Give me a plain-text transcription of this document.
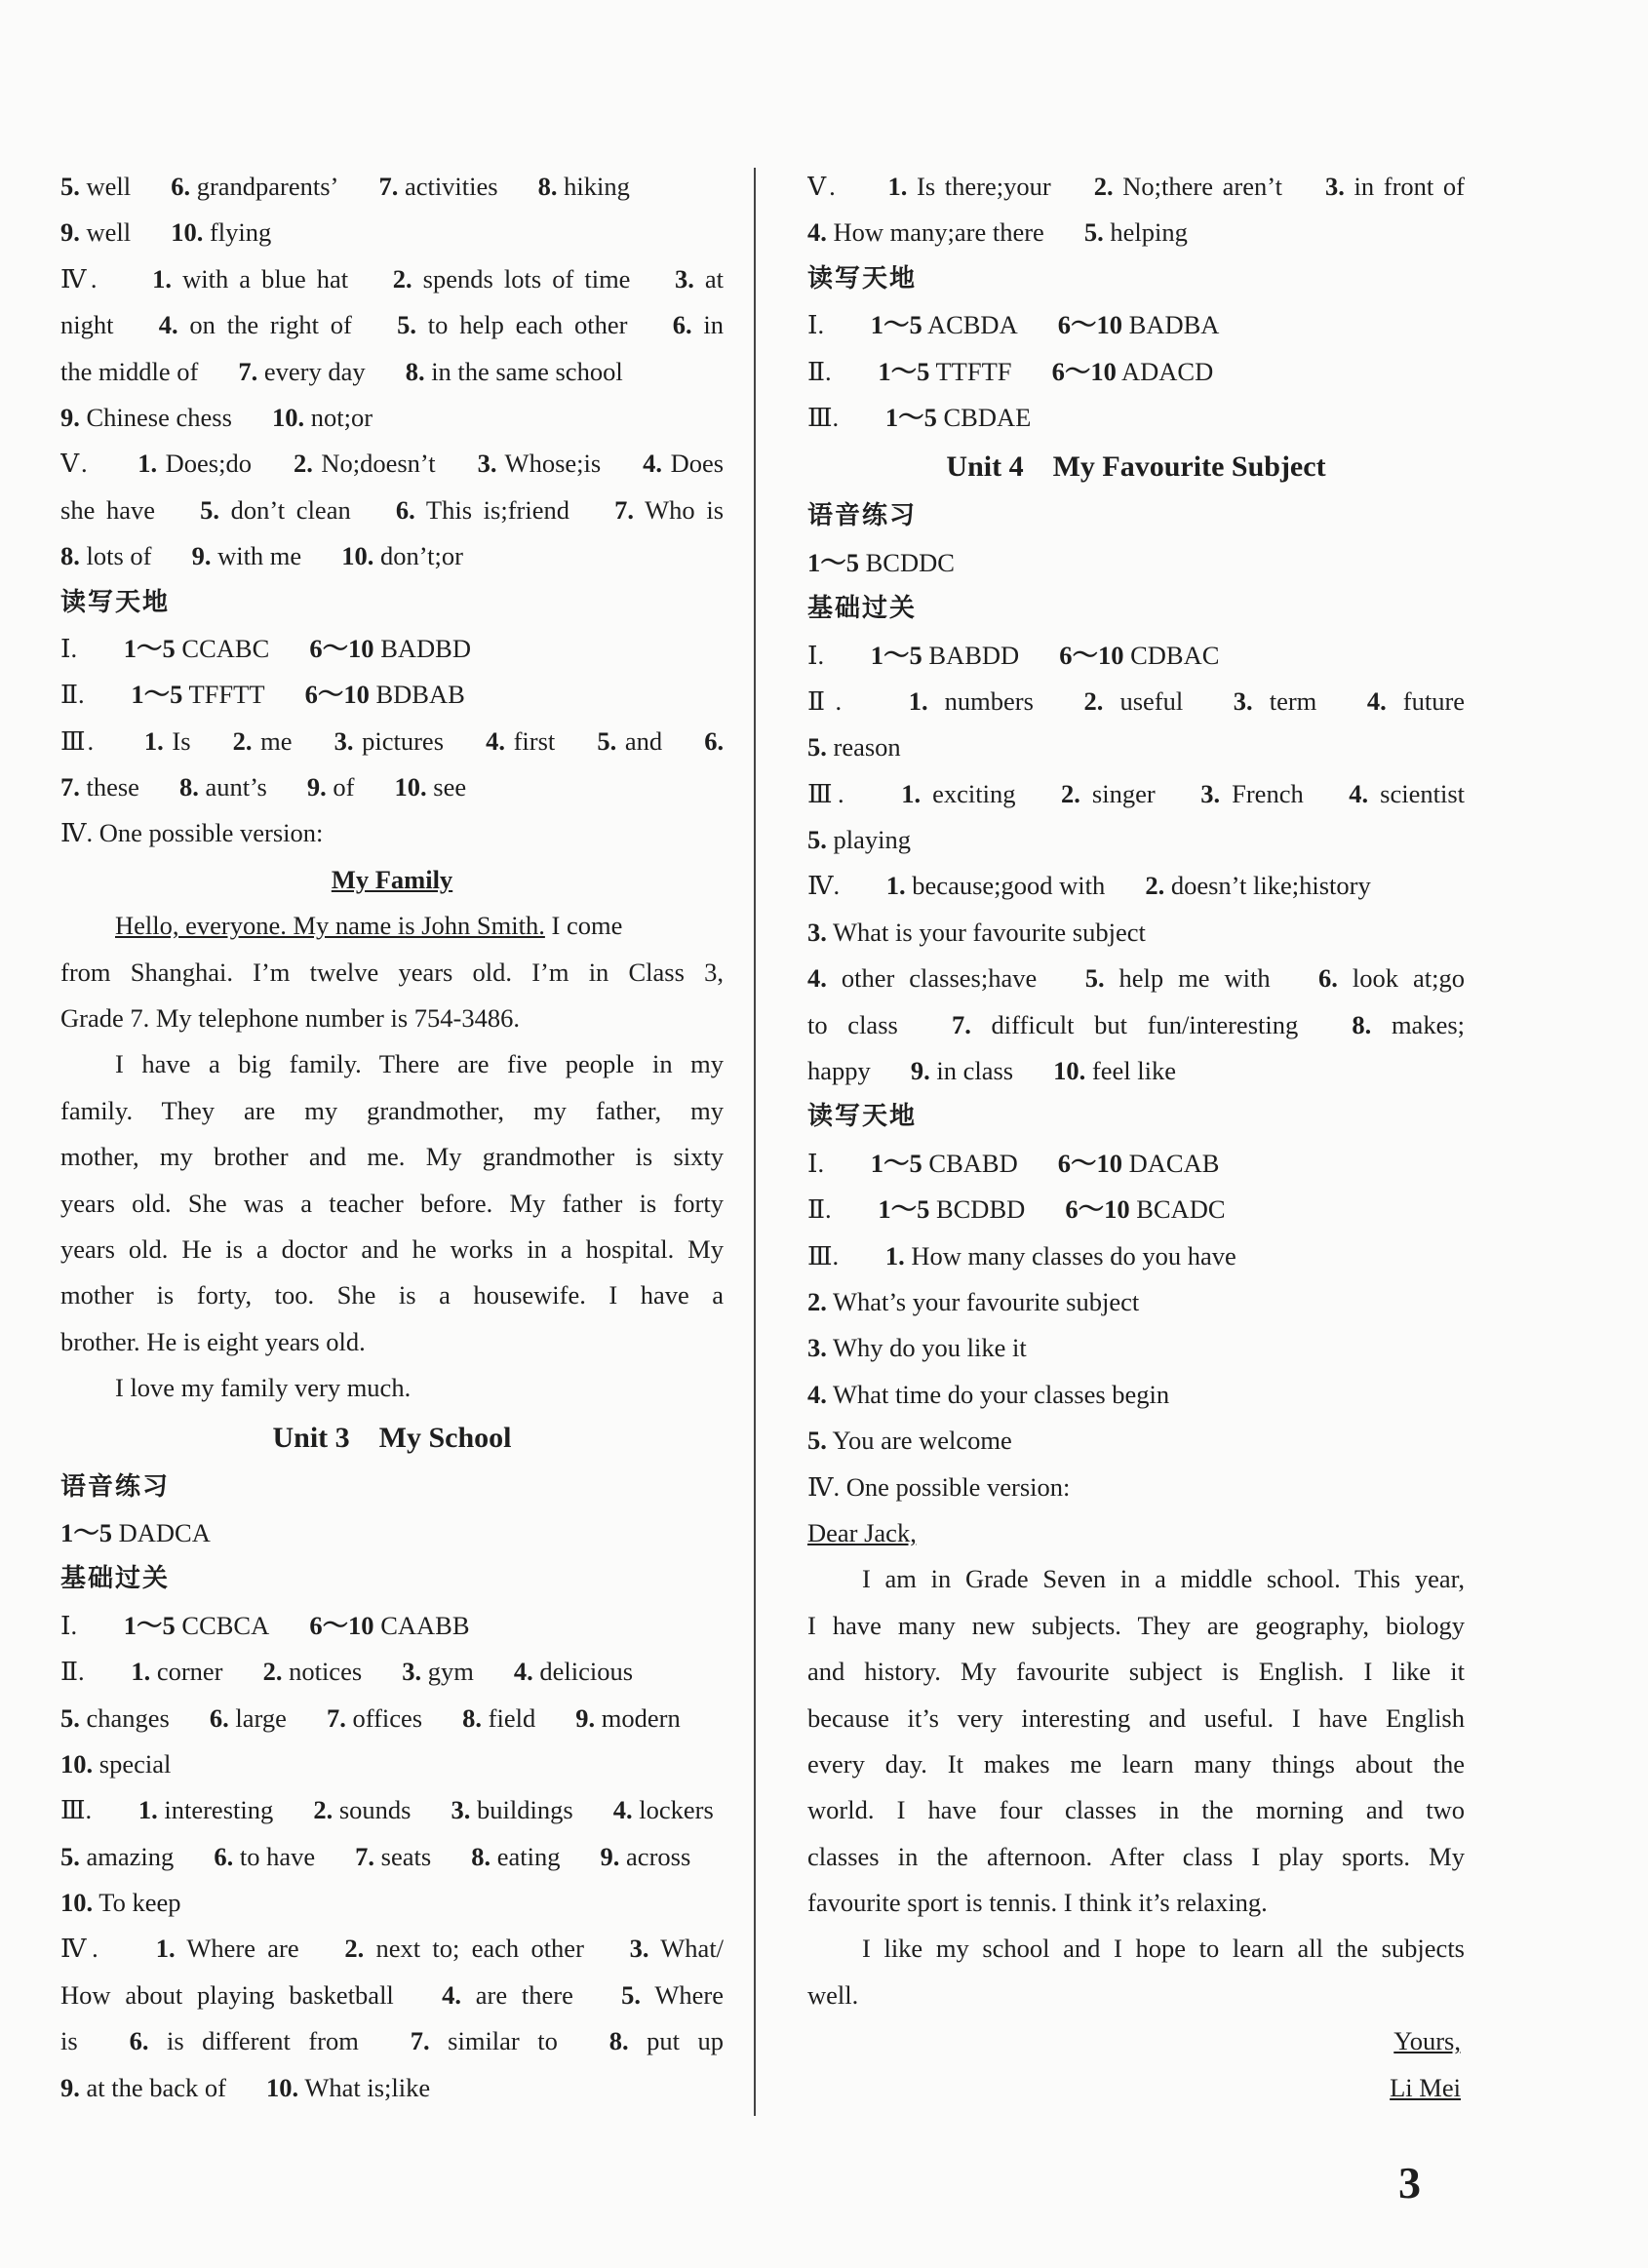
5. well 6. grandparents’ 7. activities 8. hiking
9. well 10. flying
Ⅳ.  1. with a blue hat 2. spends lots of time 3. at
night 4. on the right of 5. to help each other 6. in
the middle of 7. every day 8. in the same school
9. Chinese chess 10. not;or
Ⅴ.  1. Does;do 2. No;doesn’t 3. Whose;is 4. Does
she have 5. don’t clean 6. This is;friend 7. Who is
8. lots of 9. with me 10. don’t;or
读写天地
Ⅰ.  1～5 CCABC 6～10 BADBD
Ⅱ.  1～5 TFFTT 6～10 BDBAB
Ⅲ.  1. Is 2. me 3. pictures 4. first 5. and 6.
7. these 8. aunt’s 9. of 10. see
Ⅳ. One possible version:
My Family
Hello, everyone. My name is John Smith. I come
from Shanghai. I’m twelve years old. I’m in Class 3,
Grade 7. My telephone number is 754-3486.
I have a big family. There are five people in my
family. They are my grandmother, my father, my
mother, my brother and me. My grandmother is sixty
years old. She was a teacher before. My father is forty
years old. He is a doctor and he works in a hospital. My
mother is forty, too. She is a housewife. I have a
brother. He is eight years old.
I love my family very much.
Unit 3 My School
语音练习
1～5 DADCA
基础过关
Ⅰ.  1～5 CCBCA 6～10 CAABB
Ⅱ.  1. corner 2. notices 3. gym 4. delicious
5. changes 6. large 7. offices 8. field 9. modern
10. special
Ⅲ.  1. interesting 2. sounds 3. buildings 4. lockers
5. amazing 6. to have 7. seats 8. eating 9. across
10. To keep
Ⅳ.  1. Where are 2. next to; each other 3. What/
How about playing basketball 4. are there 5. Where
is 6. is different from 7. similar to 8. put up
9. at the back of 10. What is;like
Ⅴ.  1. Is there;your 2. No;there aren’t 3. in front of
4. How many;are there 5. helping
读写天地
Ⅰ.  1～5 ACBDA 6～10 BADBA
Ⅱ.  1～5 TTFTF 6～10 ADACD
Ⅲ.  1～5 CBDAE
Unit 4 My Favourite Subject
语音练习
1～5 BCDDC
基础过关
Ⅰ.  1～5 BABDD 6～10 CDBAC
Ⅱ.  1. numbers 2. useful 3. term 4. future
5. reason
Ⅲ.  1. exciting 2. singer 3. French 4. scientist
5. playing
Ⅳ.  1. because;good with 2. doesn’t like;history
3. What is your favourite subject
4. other classes;have 5. help me with 6. look at;go
to class 7. difficult but fun/interesting 8. makes;
happy 9. in class 10. feel like
读写天地
Ⅰ.  1～5 CBABD 6～10 DACAB
Ⅱ.  1～5 BCDBD 6～10 BCADC
Ⅲ.  1. How many classes do you have
2. What’s your favourite subject
3. Why do you like it
4. What time do your classes begin
5. You are welcome
Ⅳ. One possible version:
Dear Jack,
I am in Grade Seven in a middle school. This year,
I have many new subjects. They are geography, biology
and history. My favourite subject is English. I like it
because it’s very interesting and useful. I have English
every day. It makes me learn many things about the
world. I have four classes in the morning and two
classes in the afternoon. After class I play sports. My
favourite sport is tennis. I think it’s relaxing.
I like my school and I hope to learn all the subjects
well.
Yours,
Li Mei
3
